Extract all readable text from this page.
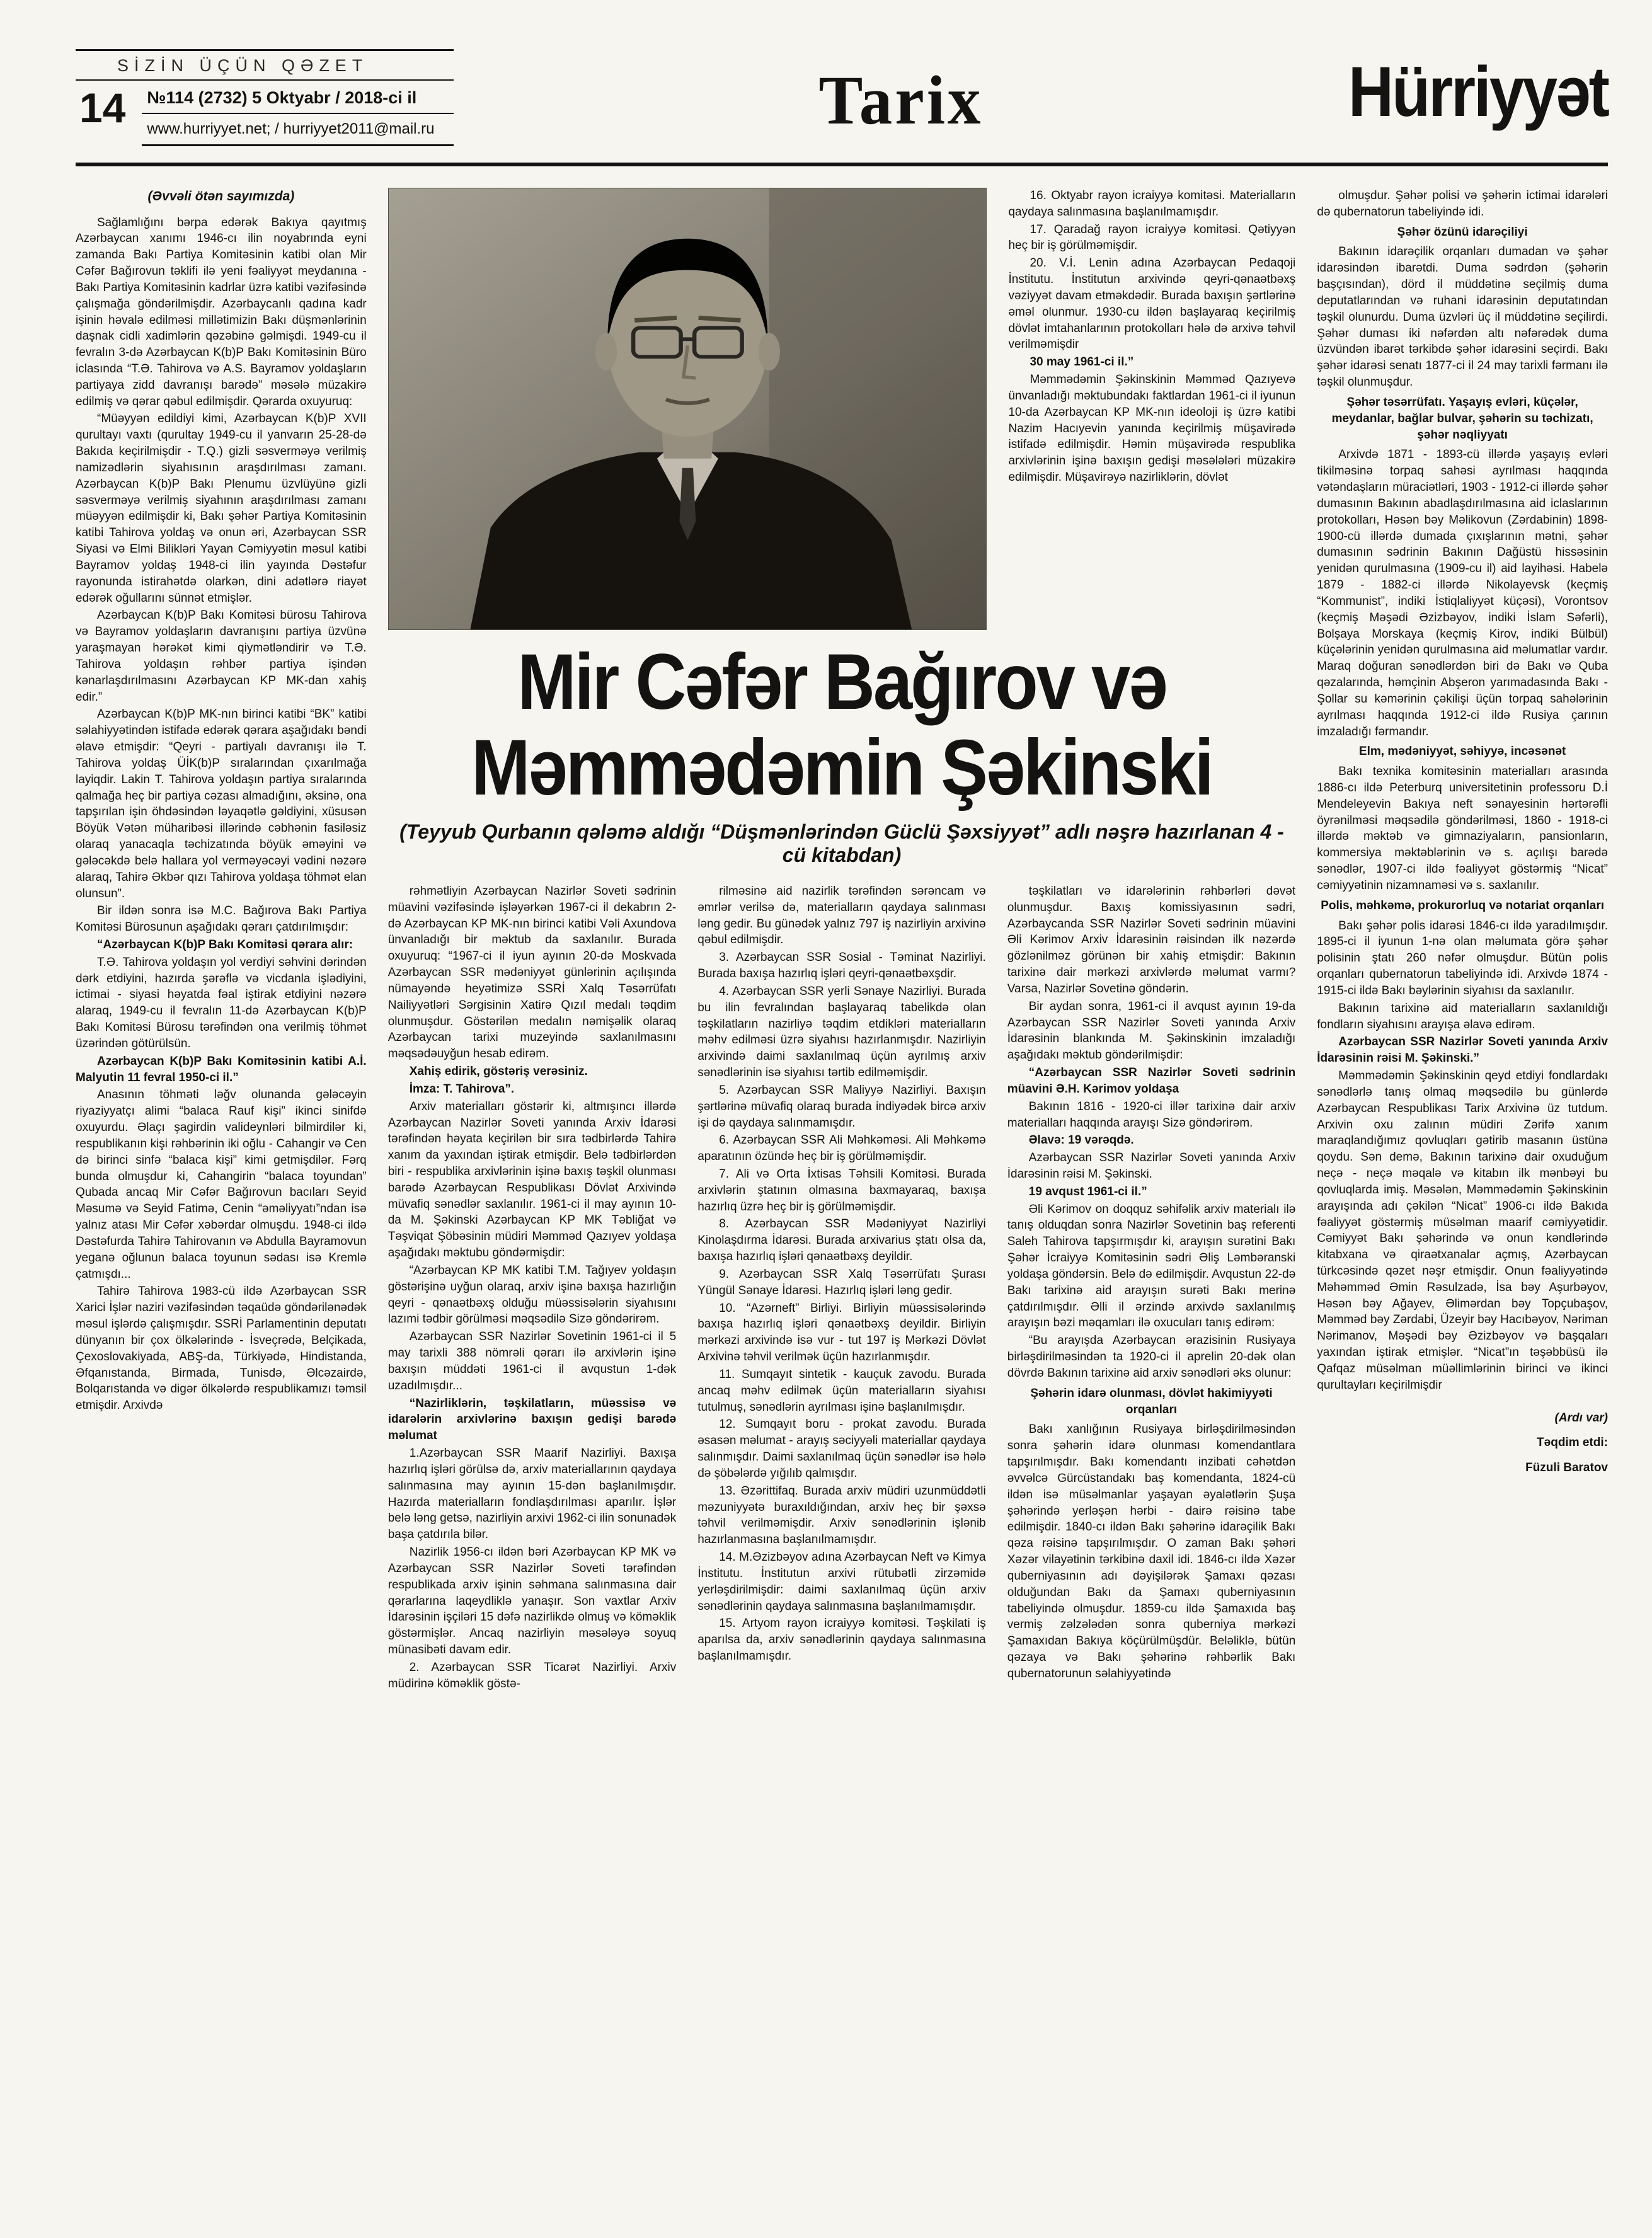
SİZİN ÜÇÜN QƏZET
14	№114 (2732) 5 Oktyabr / 2018-ci il
www.hurriyyet.net; / hurriyyet2011@mail.ru	Tarix	Hürriyyət

(Əvvəli ötən sayımızda)

Sağlamlığını bərpa edərək Bakıya qayıtmış Azərbaycan xanımı 1946-cı ilin noyabrında eyni zamanda Bakı Partiya Komitəsinin katibi olan Mir Cəfər Bağırovun təklifi ilə yeni fəaliyyət meydanına - Bakı Partiya Komitəsinin kadrlar üzrə katibi vəzifəsində çalışmağa göndərilmişdir. Azərbaycanlı qadına kadr işinin həvalə edilməsi millətimizin Bakı düşmənlərinin daşnak cidli xadimlərin qəzəbinə gəlmişdi. 1949-cu il fevralın 3-də Azərbaycan K(b)P Bakı Komitəsinin Büro iclasında “T.Ə. Tahirova və A.S. Bayramov yoldaşların partiyaya zidd davranışı barədə” məsələ müzakirə edilmiş və qərar qəbul edilmişdir. Qərarda oxuyuruq:

“Müəyyən edildiyi kimi, Azərbaycan K(b)P XVII qurultayı vaxtı (qurultay 1949-cu il yanvarın 25-28-də Bakıda keçirilmişdir - T.Q.) gizli səsverməyə verilmiş namizədlərin siyahısının araşdırılması zamanı. Azərbaycan K(b)P Bakı Plenumu üzvlüyünə gizli səsverməyə verilmiş siyahının araşdırılması zamanı müəyyən edilmişdir ki, Bakı şəhər Partiya Komitəsinin katibi Tahirova yoldaş və onun əri, Azərbaycan SSR Siyasi və Elmi Bilikləri Yayan Cəmiyyətin məsul katibi Bayramov yoldaş 1948-ci ilin yayında Dəstəfur rayonunda istirahətdə olarkən, dini adətlərə riayət edərək oğullarını sünnət etmişlər.

Azərbaycan K(b)P Bakı Komitəsi bürosu Tahirova və Bayramov yoldaşların davranışını partiya üzvünə yaraşmayan hərəkət kimi qiymətləndirir və T.Ə. Tahirova yoldaşın rəhbər partiya işindən kənarlaşdırılmasını Azərbaycan KP MK-dan xahiş edir.”

Azərbaycan K(b)P MK-nın birinci katibi “BK” katibi səlahiyyətindən istifadə edərək qərara aşağıdakı bəndi əlavə etmişdir: “Qeyri - partiyalı davranışı ilə T. Tahirova yoldaş ÜİK(b)P sıralarından çıxarılmağa layiqdir. Lakin T. Tahirova yoldaşın partiya sıralarında qalmağa heç bir partiya cəzası almadığını, əksinə, ona tapşırılan işin öhdəsindən ləyaqətlə gəldiyini, xüsusən Böyük Vətən müharibəsi illərində cəbhənin fasiləsiz olaraq yanacaqla təchizatında böyük əməyini və gələcəkdə belə hallara yol verməyəcəyi vədini nəzərə alaraq, Tahirə Əkbər qızı Tahirova yoldaşa töhmət elan olunsun”.

Bir ildən sonra isə M.C. Bağırova Bakı Partiya Komitəsi Bürosunun aşağıdakı qərarı çatdırılmışdır:

“Azərbaycan K(b)P Bakı Komitəsi qərara alır:

T.Ə. Tahirova yoldaşın yol verdiyi səhvini dərindən dərk etdiyini, hazırda şərəflə və vicdanla işlədiyini, ictimai - siyasi həyatda fəal iştirak etdiyini nəzərə alaraq, 1949-cu il fevralın 11-də Azərbaycan K(b)P Bakı Komitəsi Bürosu tərəfindən ona verilmiş töhmət üzərindən götürülsün.

Azərbaycan K(b)P Bakı Komitəsinin katibi A.İ. Malyutin 11 fevral 1950-ci il.”

Anasının töhməti ləğv olunanda gələcəyin riyaziyyatçı alimi “balaca Rauf kişi” ikinci sinifdə oxuyurdu. Əlaçı şagirdin valideynləri bilmirdilər ki, respublikanın kişi rəhbərinin iki oğlu - Cahangir və Cen də birinci sinfə “balaca kişi” kimi getmişdilər. Fərq bunda olmuşdur ki, Cahangirin “balaca toyundan” Qubada ancaq Mir Cəfər Bağırovun bacıları Seyid Məsumə və Seyid Fatimə, Cenin “əməliyyatı”ndan isə yalnız atası Mir Cəfər xəbərdar olmuşdu. 1948-ci ildə Dəstəfurda Tahirə Tahirovanın və Abdulla Bayramovun yeganə oğlunun balaca toyunun sədası isə Kremlə çatmışdı...

Tahirə Tahirova 1983-cü ildə Azərbaycan SSR Xarici İşlər naziri vəzifəsindən təqaüdə göndərilənədək məsul işlərdə çalışmışdır. SSRİ Parlamentinin deputatı dünyanın bir çox ölkələrində - İsveçrədə, Belçikada, Çexoslovakiyada, ABŞ-da, Türkiyədə, Hindistanda, Əfqanıstanda, Birmada, Tunisdə, Əlcəzairdə, Bolqarıstanda və digər ölkələrdə respublikamızı təmsil etmişdir. Arxivdə

16. Oktyabr rayon icraiyyə komitəsi. Materialların qaydaya salınmasına başlanılmamışdır.

17. Qaradağ rayon icraiyyə komitəsi. Qətiyyən heç bir iş görülməmişdir.

20. V.İ. Lenin adına Azərbaycan Pedaqoji İnstitutu. İnstitutun arxivində qeyri-qənaətbəxş vəziyyət davam etməkdədir. Burada baxışın şərtlərinə əməl olunmur. 1930-cu ildən başlayaraq keçirilmiş dövlət imtahanlarının protokolları hələ də arxivə təhvil verilməmişdir

30 may 1961-ci il.”

Məmmədəmin Şəkinskinin Məmməd Qazıyevə ünvanladığı məktubundakı faktlardan 1961-ci il iyunun 10-da Azərbaycan KP MK-nın ideoloji iş üzrə katibi Nazim Hacıyevin yanında keçirilmiş müşavirədə istifadə edilmişdir. Həmin müşavirədə respublika arxivlərinin işinə baxışın gedişi məsələləri müzakirə edilmişdir. Müşavirəyə nazirliklərin, dövlət

Mir Cəfər Bağırov və
Məmmədəmin Şəkinski
(Teyyub Qurbanın qələmə aldığı “Düşmənlərindən Güclü Şəxsiyyət” adlı nəşrə hazırlanan 4 - cü kitabdan)

rəhmətliyin Azərbaycan Nazirlər Soveti sədrinin müavini vəzifəsində işləyərkən 1967-ci il dekabrın 2-də Azərbaycan KP MK-nın birinci katibi Vəli Axundova ünvanladığı bir məktub da saxlanılır. Burada oxuyuruq: “1967-ci il iyun ayının 20-də Moskvada Azərbaycan SSR mədəniyyət günlərinin açılışında nümayəndə heyətimizə SSRİ Xalq Təsərrüfatı Nailiyyətləri Sərgisinin Xatirə Qızıl medalı təqdim olunmuşdur. Göstərilən medalın nəmişəlik olaraq Azərbaycan tarixi muzeyində saxlanılmasını məqsədəuyğun hesab edirəm.

Xahiş edirik, göstəriş verəsiniz.

İmza: T. Tahirova”.

Arxiv materialları göstərir ki, altmışıncı illərdə Azərbaycan Nazirlər Soveti yanında Arxiv İdarəsi tərəfindən həyata keçirilən bir sıra tədbirlərdə Tahirə xanım da yaxından iştirak etmişdir. Belə tədbirlərdən biri - respublika arxivlərinin işinə baxış təşkil olunması barədə Azərbaycan Respublikası Dövlət Arxivində müvafiq sənədlər saxlanılır. 1961-ci il may ayının 10-da M. Şəkinski Azərbaycan KP MK Təbliğat və Təşviqat Şöbəsinin müdiri Məmməd Qazıyev yoldaşa aşağıdakı məktubu göndərmişdir:

“Azərbaycan KP MK katibi T.M. Tağıyev yoldaşın göstərişinə uyğun olaraq, arxiv işinə baxışa hazırlığın qeyri - qənaətbəxş olduğu müəssisələrin siyahısını lazımi tədbir görülməsi məqsədilə Sizə göndərirəm.

Azərbaycan SSR Nazirlər Sovetinin 1961-ci il 5 may tarixli 388 nömrəli qərarı ilə arxivlərin işinə baxışın müddəti 1961-ci il avqustun 1-dək uzadılmışdır...

“Nazirliklərin, təşkilatların, müəssisə və idarələrin arxivlərinə baxışın gedişi barədə məlumat

1.Azərbaycan SSR Maarif Nazirliyi. Baxışa hazırlıq işləri görülsə də, arxiv materiallarının qaydaya salınmasına may ayının 15-dən başlanılmışdır. Hazırda materialların fondlaşdırılması aparılır. İşlər belə ləng getsə, nazirliyin arxivi 1962-ci ilin sonunadək başa çatdırıla bilər.

Nazirlik 1956-cı ildən bəri Azərbaycan KP MK və Azərbaycan SSR Nazirlər Soveti tərəfindən respublikada arxiv işinin səhmana salınmasına dair qərarlarına laqeydliklə yanaşır. Son vaxtlar Arxiv İdarəsinin işçiləri 15 dəfə nazirlikdə olmuş və köməklik göstərmişlər. Ancaq nazirliyin məsələyə soyuq münasibəti davam edir.

2. Azərbaycan SSR Ticarət Nazirliyi. Arxiv müdirinə köməklik göstə-

rilməsinə aid nazirlik tərəfindən sərəncam və əmrlər verilsə də, materialların qaydaya salınması ləng gedir. Bu günədək yalnız 797 iş nazirliyin arxivinə qəbul edilmişdir.

3. Azərbaycan SSR Sosial - Təminat Nazirliyi. Burada baxışa hazırlıq işləri qeyri-qənaətbəxşdir.

4. Azərbaycan SSR yerli Sənaye Nazirliyi. Burada bu ilin fevralından başlayaraq tabelikdə olan təşkilatların nazirliyə təqdim etdikləri materialların məhv edilməsi üzrə siyahısı hazırlanmışdır. Nazirliyin arxivində daimi saxlanılmaq üçün ayrılmış arxiv sənədlərinin isə siyahısı tərtib edilməmişdir.

5. Azərbaycan SSR Maliyyə Nazirliyi. Baxışın şərtlərinə müvafiq olaraq burada indiyədək bircə arxiv işi də qaydaya salınmamışdır.

6. Azərbaycan SSR Ali Məhkəməsi. Ali Məhkəmə aparatının özündə heç bir iş görülməmişdir.

7. Ali və Orta İxtisas Təhsili Komitəsi. Burada arxivlərin ştatının olmasına baxmayaraq, baxışa hazırlıq üzrə heç bir iş görülməmişdir.

8. Azərbaycan SSR Mədəniyyət Nazirliyi Kinolaşdırma İdarəsi. Burada arxivarius ştatı olsa da, baxışa hazırlıq işləri qənaətbəxş deyildir.

9. Azərbaycan SSR Xalq Təsərrüfatı Şurası Yüngül Sənaye İdarəsi. Hazırlıq işləri ləng gedir.

10. “Azərneft” Birliyi. Birliyin müəssisələrində baxışa hazırlıq işləri qənaətbəxş deyildir. Birliyin mərkəzi arxivində isə vur - tut 197 iş Mərkəzi Dövlət Arxivinə təhvil verilmək üçün hazırlanmışdır.

11. Sumqayıt sintetik - kauçuk zavodu. Burada ancaq məhv edilmək üçün materialların siyahısı tutulmuş, sənədlərin ayrılması işinə başlanılmışdır.

12. Sumqayıt boru - prokat zavodu. Burada əsasən məlumat - arayış səciyyəli materiallar qaydaya salınmışdır. Daimi saxlanılmaq üçün sənədlər isə hələ də şöbələrdə yığılıb qalmışdır.

13. Əzərittifaq. Burada arxiv müdiri uzunmüddətli məzuniyyətə buraxıldığından, arxiv heç bir şəxsə təhvil verilməmişdir. Arxiv sənədlərinin işlənib hazırlanmasına başlanılmamışdır.

14. M.Əzizbəyov adına Azərbaycan Neft və Kimya İnstitutu. İnstitutun arxivi rütubətli zirzəmidə yerləşdirilmişdir: daimi saxlanılmaq üçün arxiv sənədlərinin qaydaya salınmasına başlanılmamışdır.

15. Artyom rayon icraiyyə komitəsi. Təşkilati iş aparılsa da, arxiv sənədlərinin qaydaya salınmasına başlanılmamışdır.

təşkilatları və idarələrinin rəhbərləri dəvət olunmuşdur. Baxış komissiyasının sədri, Azərbaycanda SSR Nazirlər Soveti sədrinin müavini Əli Kərimov Arxiv İdarəsinin rəisindən ilk nəzərdə gözlənilməz görünən bir xahiş etmişdir: Bakının tarixinə dair mərkəzi arxivlərdə məlumat varmı? Varsa, Nazirlər Sovetinə göndərin.

Bir aydan sonra, 1961-ci il avqust ayının 19-da Azərbaycan SSR Nazirlər Soveti yanında Arxiv İdarəsinin blankında M. Şəkinskinin imzaladığı aşağıdakı məktub göndərilmişdir:

“Azərbaycan SSR Nazirlər Soveti sədrinin müavini Ə.H. Kərimov yoldaşa

Bakının 1816 - 1920-ci illər tarixinə dair arxiv materialları haqqında arayışı Sizə göndərirəm.

Əlavə: 19 vərəqdə.

Azərbaycan SSR Nazirlər Soveti yanında Arxiv İdarəsinin rəisi M. Şəkinski.

19 avqust 1961-ci il.”

Əli Kərimov on doqquz səhifəlik arxiv materialı ilə tanış olduqdan sonra Nazirlər Sovetinin baş referenti Saleh Tahirova tapşırmışdır ki, arayışın surətini Bakı Şəhər İcraiyyə Komitəsinin sədri Əliş Ləmbəranski yoldaşa göndərsin. Belə də edilmişdir. Avqustun 22-də Bakı tarixinə aid arayışın surəti Bakı merinə çatdırılmışdır. Əlli il ərzində arxivdə saxlanılmış arayışın bəzi məqamları ilə oxucuları tanış edirəm:

“Bu arayışda Azərbaycan ərazisinin Rusiyaya birləşdirilməsindən ta 1920-ci il aprelin 20-dək olan dövrdə Bakının tarixinə aid arxiv sənədləri əks olunur:

Şəhərin idarə olunması, dövlət hakimiyyəti orqanları

Bakı xanlığının Rusiyaya birləşdirilməsindən sonra şəhərin idarə olunması komendantlara tapşırılmışdır. Bakı komendantı inzibati cəhətdən əvvəlcə Gürcüstandakı baş komendanta, 1824-cü ildən isə müsəlmanlar yaşayan əyalətlərin Şuşa şəhərində yerləşən hərbi - dairə rəisinə tabe edilmişdir. 1840-cı ildən Bakı şəhərinə idarəçilik Bakı qəza rəisinə tapşırılmışdır. O zaman Bakı şəhəri Xəzər vilayətinin tərkibinə daxil idi. 1846-cı ildə Xəzər quberniyasının adı dəyişilərək Şamaxı qəzası olduğundan Bakı da Şamaxı quberniyasının tabeliyində olmuşdur. 1859-cu ildə Şamaxıda baş vermiş zəlzələdən sonra quberniya mərkəzi Şamaxıdan Bakıya köçürülmüşdür. Beləliklə, bütün qəzaya və Bakı şəhərinə rəhbərlik Bakı qubernatorunun səlahiyyətində

olmuşdur. Şəhər polisi və şəhərin ictimai idarələri də qubernatorun tabeliyində idi.

Şəhər özünü idarəçiliyi

Bakının idarəçilik orqanları dumadan və şəhər idarəsindən ibarətdi. Duma sədrdən (şəhərin başçısından), dörd il müddətinə seçilmiş duma deputatlarından və ruhani idarəsinin deputatından təşkil olunurdu. Duma üzvləri üç il müddətinə seçilirdi. Şəhər duması iki nəfərdən altı nəfərədək duma üzvündən ibarət tərkibdə şəhər idarəsini seçirdi. Bakı şəhər idarəsi senatı 1877-ci il 24 may tarixli fərmanı ilə təşkil olunmuşdur.

Şəhər təsərrüfatı. Yaşayış evləri, küçələr, meydanlar, bağlar bulvar, şəhərin su təchizatı, şəhər nəqliyyatı

Arxivdə 1871 - 1893-cü illərdə yaşayış evləri tikilməsinə torpaq sahəsi ayrılması haqqında vətəndaşların müraciətləri, 1903 - 1912-ci illərdə şəhər dumasının Bakının abadlaşdırılmasına aid iclaslarının protokolları, Həsən bəy Məlikovun (Zərdabinin) 1898-1900-cü illərdə dumada çıxışlarının mətni, şəhər dumasının sədrinin Bakının Dağüstü hissəsinin yenidən qurulmasına (1909-cu il) aid layihəsi. Habelə 1879 - 1882-ci illərdə Nikolayevsk (keçmiş “Kommunist”, indiki İstiqlaliyyət küçəsi), Vorontsov (keçmiş Məşədi Əzizbəyov, indiki İslam Səfərli), Bolşaya Morskaya (keçmiş Kirov, indiki Bülbül) küçələrinin yenidən qurulmasına aid məlumatlar vardır. Maraq doğuran sənədlərdən biri də Bakı və Quba qəzalarında, həmçinin Abşeron yarımadasında Bakı - Şollar su kəmərinin çəkilişi üçün torpaq sahələrinin ayrılması haqqında 1912-ci ildə Rusiya çarının imzaladığı fərmandır.

Elm, mədəniyyət, səhiyyə, incəsənət

Bakı texnika komitəsinin materialları arasında 1886-cı ildə Peterburq universitetinin professoru D.İ Mendeleyevin Bakıya neft sənayesinin hərtərəfli öyrənilməsi məqsədilə göndərilməsi, 1860 - 1918-ci illərdə məktəb və gimnaziyaların, pansionların, kommersiya məktəblərinin və s. açılışı barədə sənədlər, 1907-ci ildə fəaliyyət göstərmiş “Nicat” cəmiyyətinin nizamnaməsi və s. saxlanılır.

Polis, məhkəmə, prokurorluq və notariat orqanları

Bakı şəhər polis idarəsi 1846-cı ildə yaradılmışdır. 1895-ci il iyunun 1-nə olan məlumata görə şəhər polisinin ştatı 260 nəfər olmuşdur. Bütün polis orqanları qubernatorun tabeliyində idi. Arxivdə 1874 - 1915-ci ildə Bakı bəylərinin siyahısı da saxlanılır.

Bakının tarixinə aid materialların saxlanıldığı fondların siyahısını arayışa əlavə edirəm.

Azərbaycan SSR Nazirlər Soveti yanında Arxiv İdarəsinin rəisi M. Şəkinski.”

Məmmədəmin Şəkinskinin qeyd etdiyi fondlardakı sənədlərlə tanış olmaq məqsədilə bu günlərdə Azərbaycan Respublikası Tarix Arxivinə üz tutdum. Arxivin oxu zalının müdiri Zərifə xanım maraqlandığımız qovluqları gətirib masanın üstünə qoydu. Sən demə, Bakının tarixinə dair oxuduğum neçə - neçə məqalə və kitabın ilk mənbəyi bu qovluqlarda imiş. Məsələn, Məmmədəmin Şəkinskinin arayışında adı çəkilən “Nicat” 1906-cı ildə Bakıda fəaliyyət göstərmiş müsəlman maarif cəmiyyətidir. Cəmiyyət Bakı şəhərində və onun kəndlərində kitabxana və qiraətxanalar açmış, Azərbaycan türkcəsində qəzet nəşr etmişdir. Onun fəaliyyətində Məhəmməd Əmin Rəsulzadə, İsa bəy Aşurbəyov, Həsən bəy Ağayev, Əlimərdan bəy Topçubaşov, Məmməd bəy Zərdabi, Üzeyir bəy Hacıbəyov, Nəriman Nərimanov, Məşədi bəy Əzizbəyov və başqaları yaxından iştirak etmişlər. “Nicat”ın təşəbbüsü ilə Qafqaz müsəlman müəllimlərinin birinci və ikinci qurultayları keçirilmişdir

(Ardı var)

Təqdim etdi:

Füzuli Baratov
